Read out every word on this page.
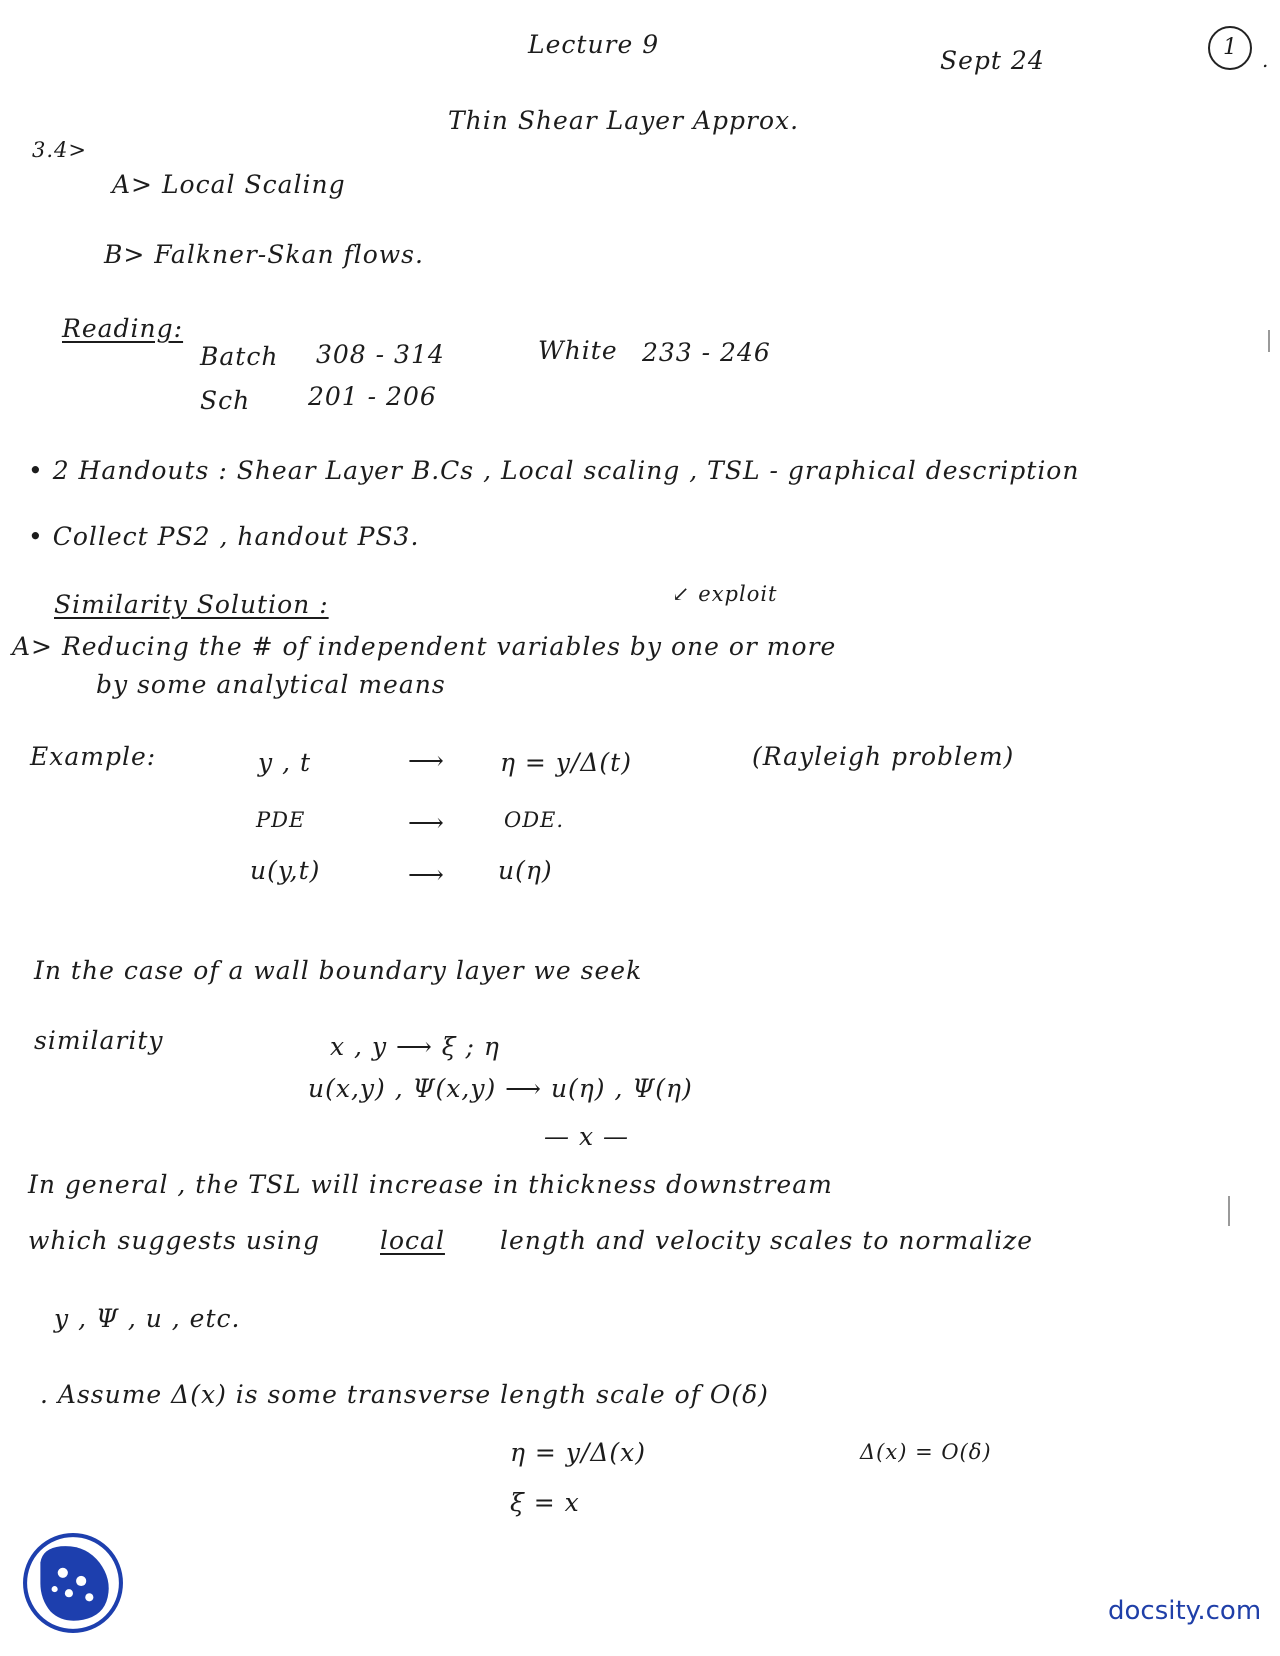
Lecture 9
Sept 24	1	.
Thin Shear Layer Approx.
3.4>
A> Local Scaling
B> Falkner-Skan flows.
Reading:
Batch 308 - 314
Sch 201 - 206
White 233 - 246
• 2 Handouts : Shear Layer B.Cs , Local scaling , TSL - graphical description
• Collect PS2 , handout PS3.
Similarity Solution :	↙ exploit
A> Reducing the # of independent variables by one or more
by some analytical means
Example:	y , t	⟶ η = y/Δ(t)	(Rayleigh problem)
PDE	⟶	ODE.
u(y,t)	⟶ u(η)
In the case of a wall boundary layer we seek
similarity	x , y ⟶ ξ ; η
u(x,y) , Ψ(x,y) ⟶ u(η) , Ψ(η)
— x —
In general , the TSL will increase in thickness downstream
which suggests using local length and velocity scales to normalize
y , Ψ , u , etc.
. Assume Δ(x) is some transverse length scale of O(δ)
η = y/Δ(x)	Δ(x) = O(δ)
ξ = x
docsity.com
